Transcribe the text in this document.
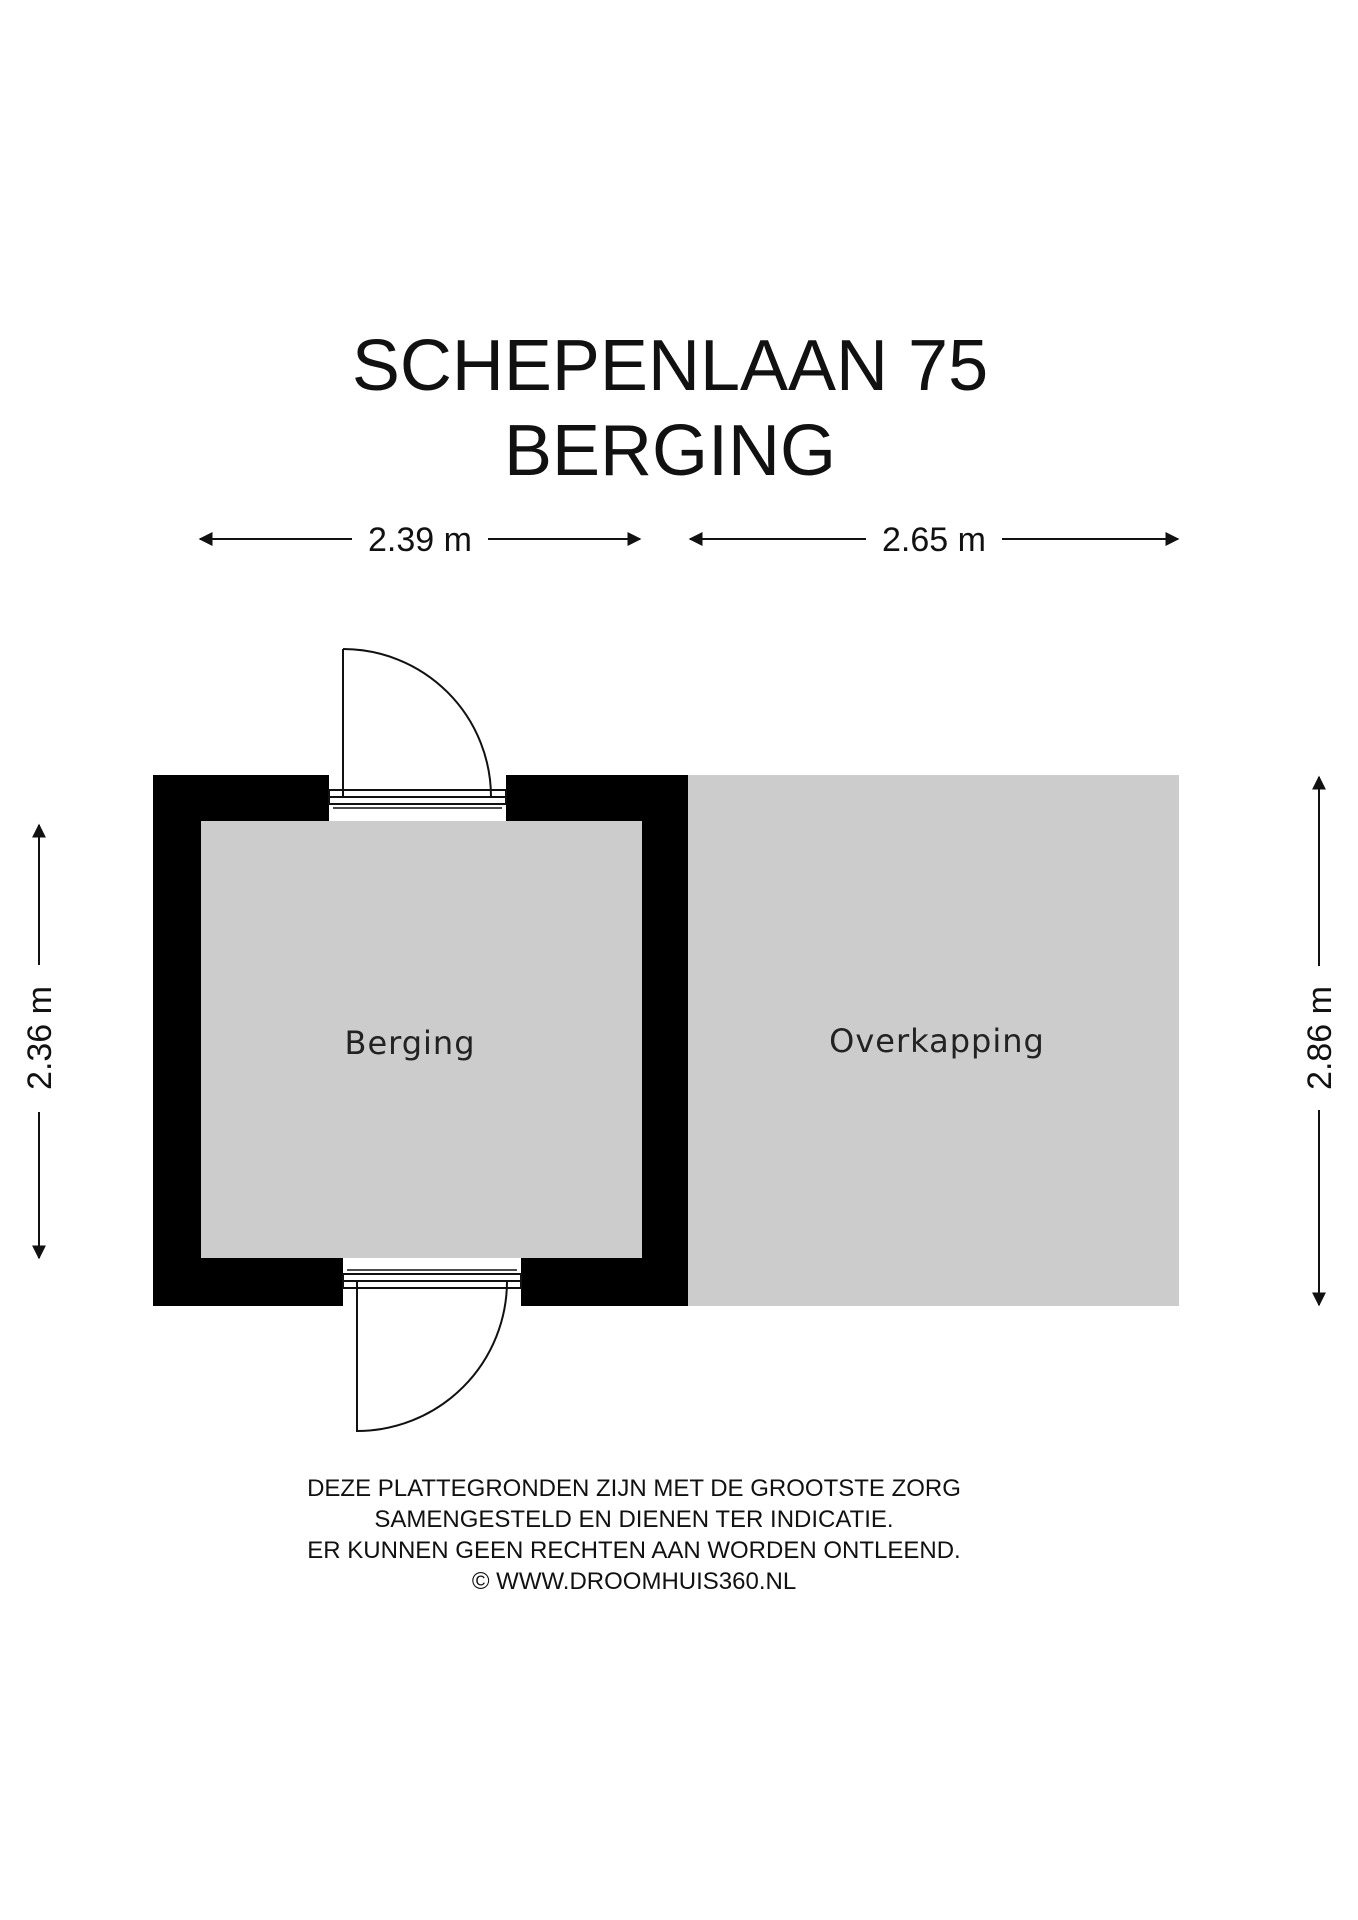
SCHEPENLAAN 75
BERGING
2.39 m	2.65 m
2.36 m	2.86 m
Berging	Overkapping
DEZE PLATTEGRONDEN ZIJN MET DE GROOTSTE ZORG
SAMENGESTELD EN DIENEN TER INDICATIE.
ER KUNNEN GEEN RECHTEN AAN WORDEN ONTLEEND.
© WWW.DROOMHUIS360.NL
